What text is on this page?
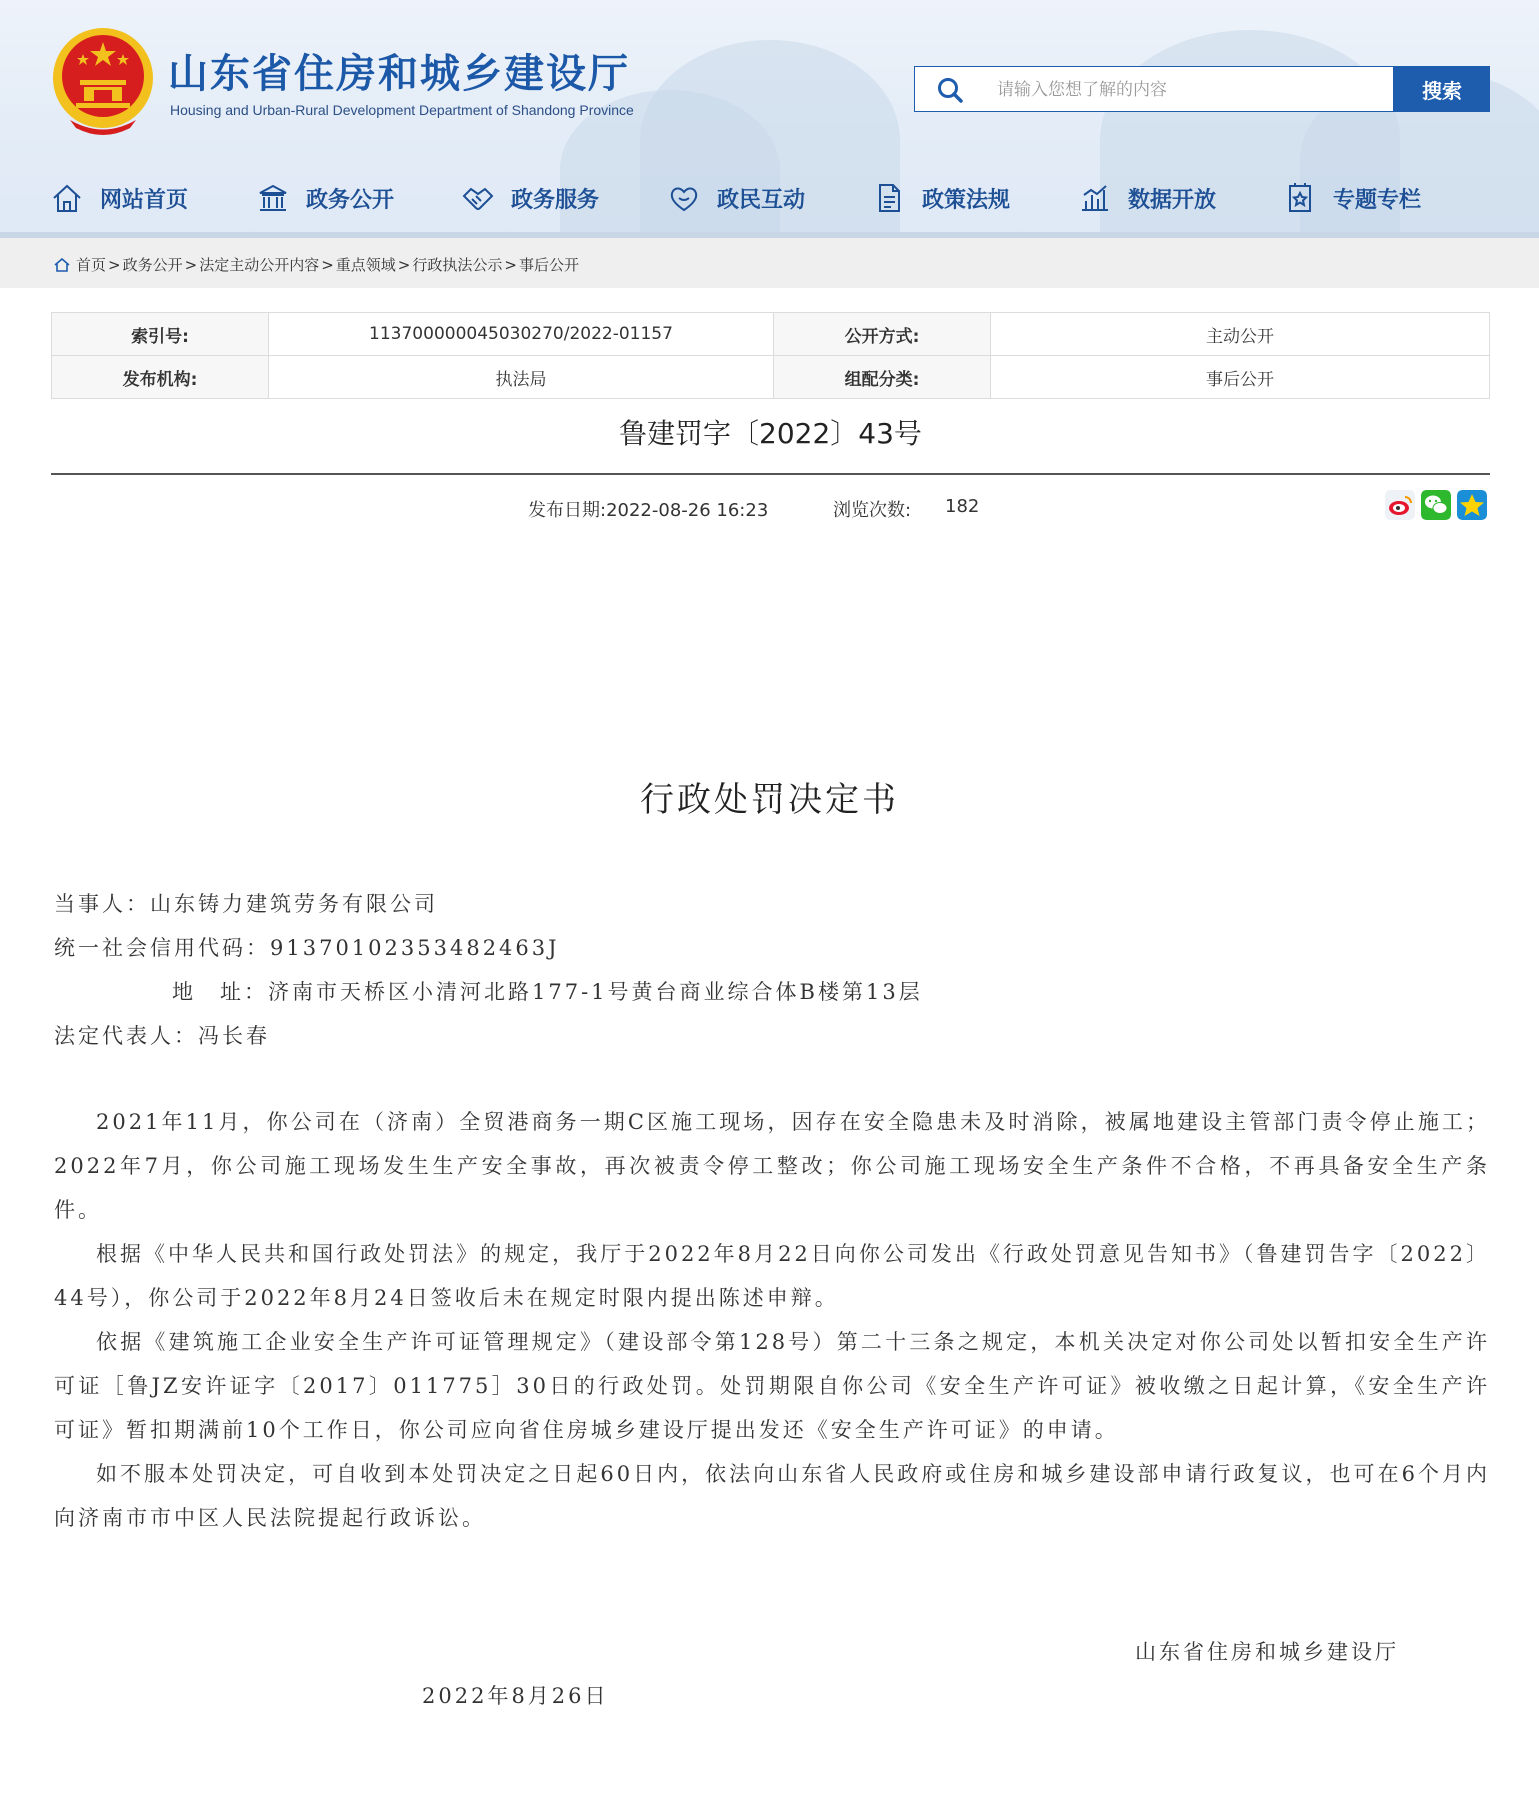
山东省住房和城乡建设厅
Housing and Urban-Rural Development Department of Shandong Province
请输入您想了解的内容
搜索
网站首页	政务公开	政务服务	政民互动	政策法规	数据开放	专题专栏
首页 > 政务公开 > 法定主动公开内容 > 重点领域 > 行政执法公示 > 事后公开
索引号:	113700000045030270/2022-01157	公开方式:	主动公开
发布机构:	执法局	组配分类:	事后公开
鲁建罚字〔2022〕43号
发布日期:2022-08-26 16:23	浏览次数: 182
行政处罚决定书
当事人：山东铸力建筑劳务有限公司
统一社会信用代码：91370102353482463J
地　址：济南市天桥区小清河北路177-1号黄台商业综合体B楼第13层
法定代表人：冯长春

2021年11月，你公司在（济南）全贸港商务一期C区施工现场，因存在安全隐患未及时消除，被属地建设主管部门责令停止施工；2022年7月，你公司施工现场发生生产安全事故，再次被责令停工整改；你公司施工现场安全生产条件不合格，不再具备安全生产条件。

根据《中华人民共和国行政处罚法》的规定，我厅于2022年8月22日向你公司发出《行政处罚意见告知书》（鲁建罚告字〔2022〕44号），你公司于2022年8月24日签收后未在规定时限内提出陈述申辩。

依据《建筑施工企业安全生产许可证管理规定》（建设部令第128号）第二十三条之规定，本机关决定对你公司处以暂扣安全生产许可证［鲁JZ安许证字〔2017〕011775］30日的行政处罚。处罚期限自你公司《安全生产许可证》被收缴之日起计算，《安全生产许可证》暂扣期满前10个工作日，你公司应向省住房城乡建设厅提出发还《安全生产许可证》的申请。

如不服本处罚决定，可自收到本处罚决定之日起60日内，依法向山东省人民政府或住房和城乡建设部申请行政复议，也可在6个月内向济南市市中区人民法院提起行政诉讼。

山东省住房和城乡建设厅
2022年8月26日
